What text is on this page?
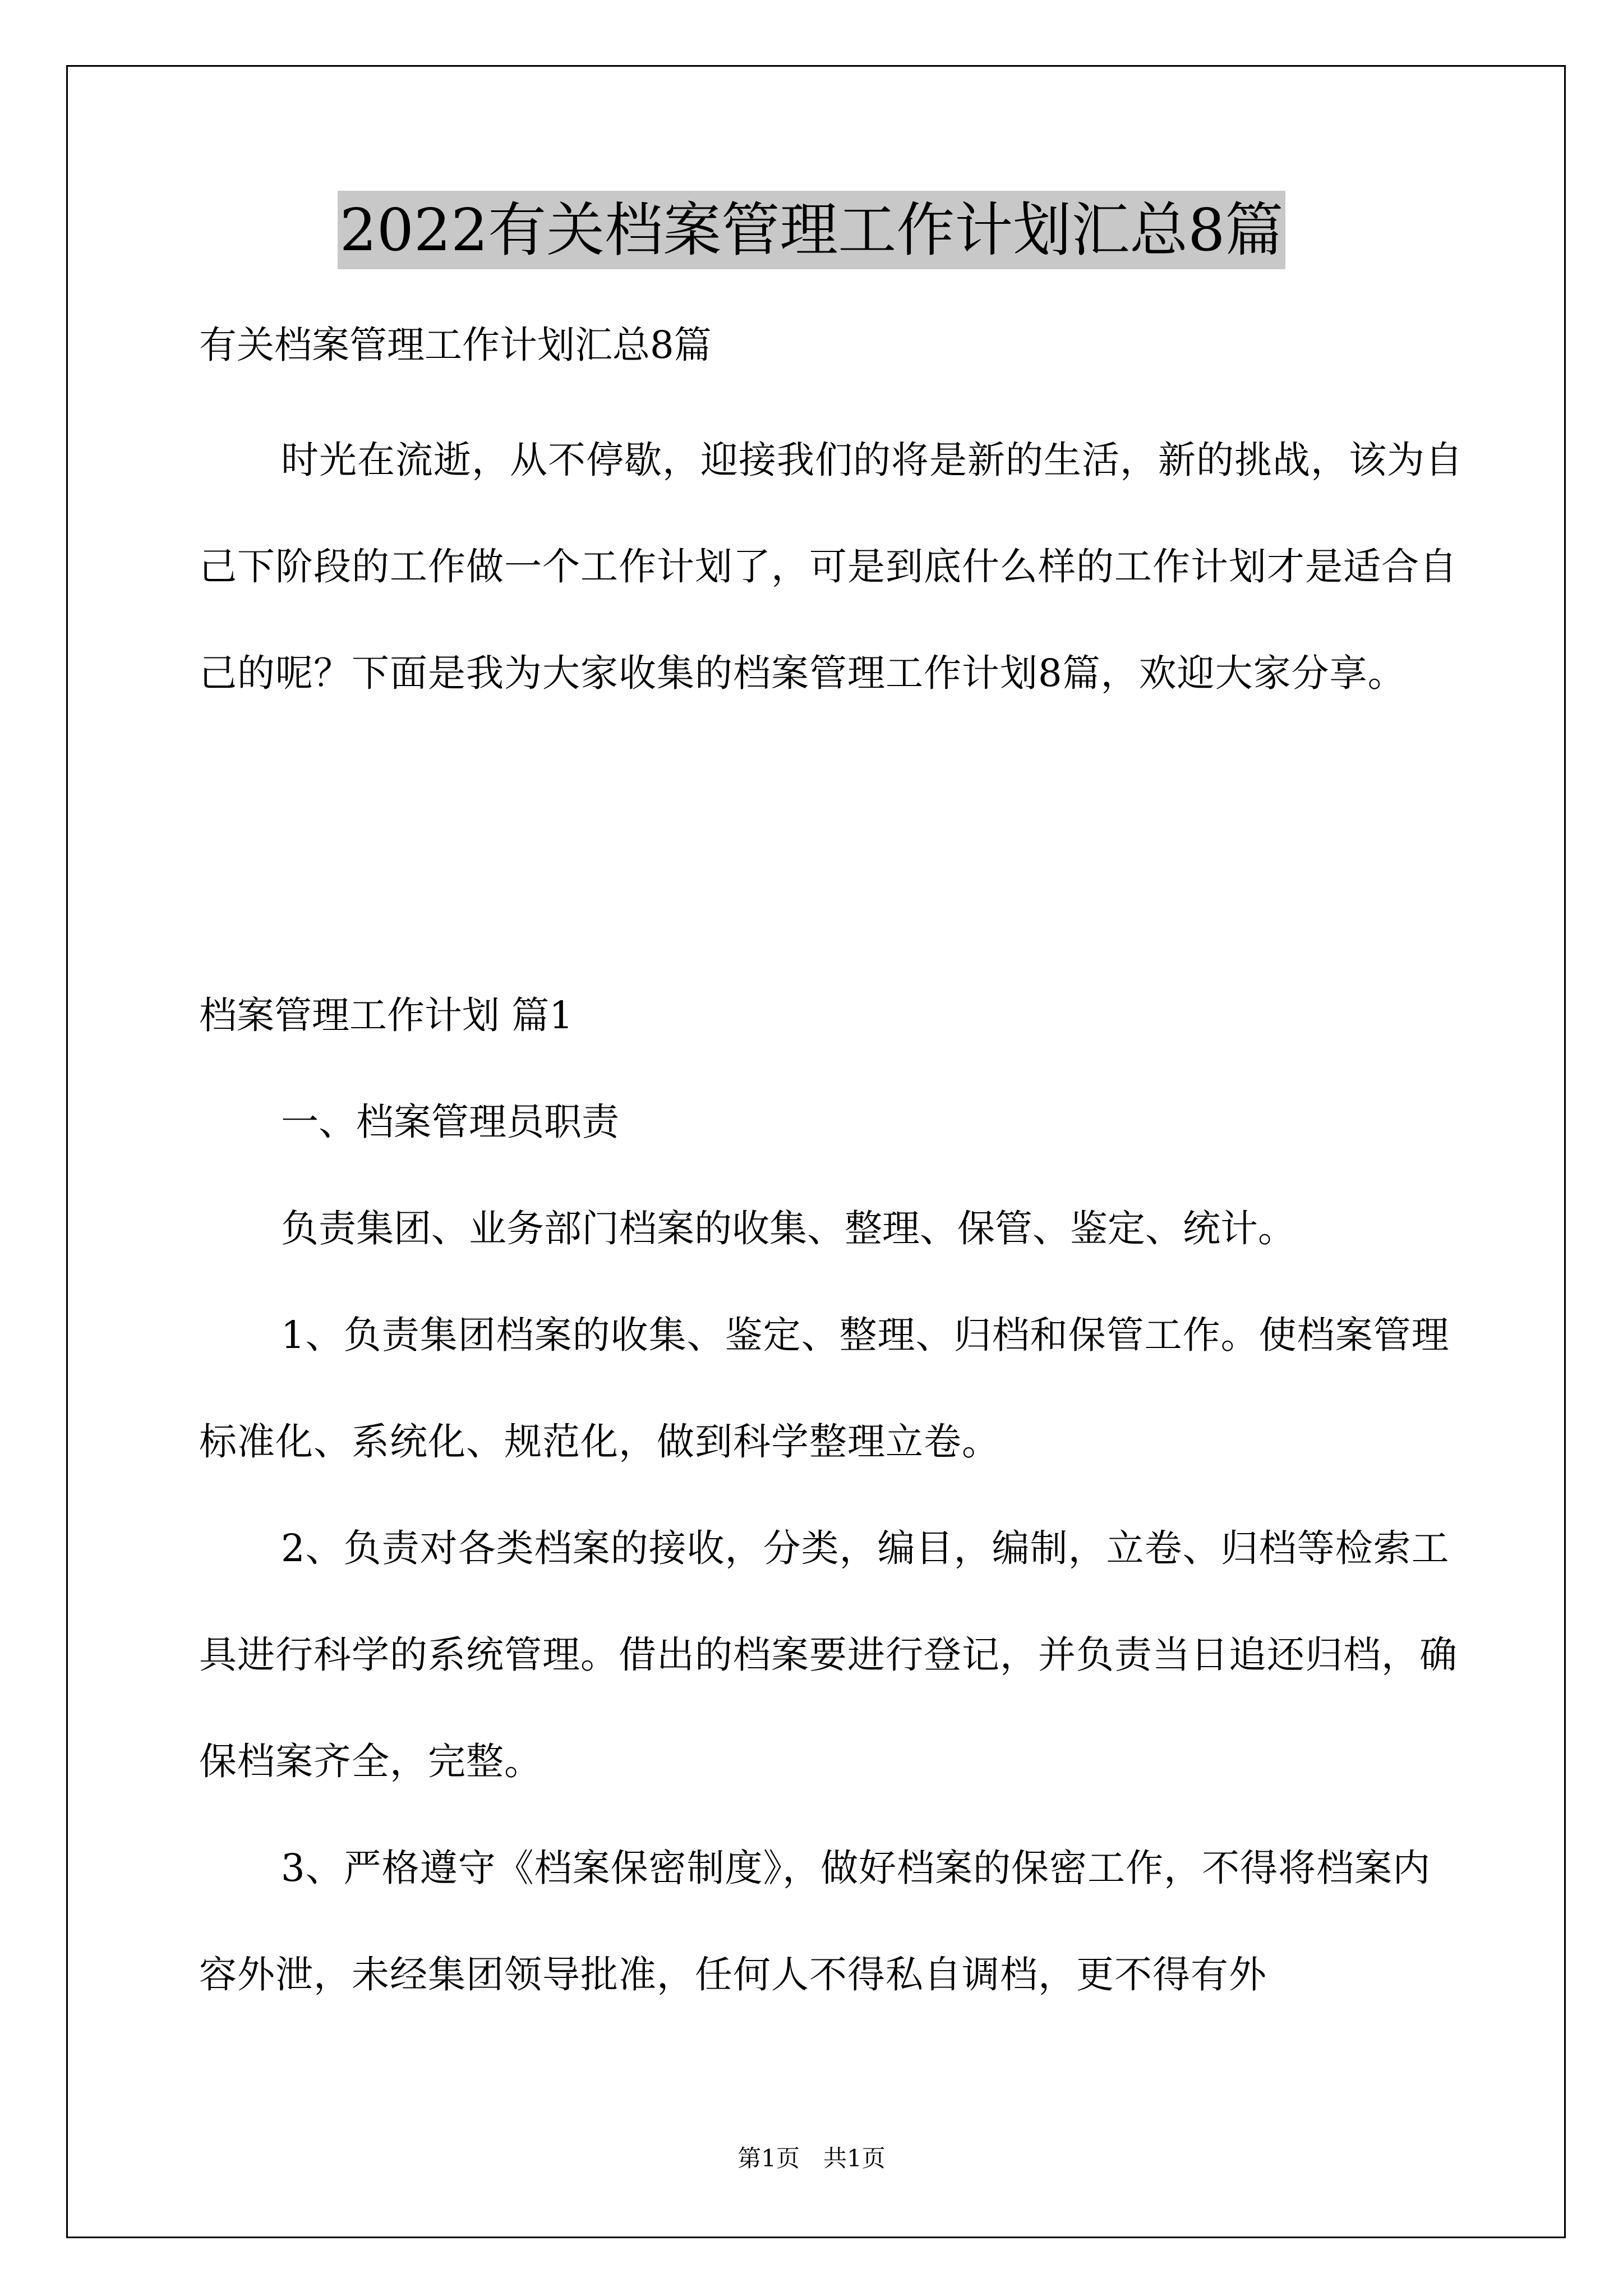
2022有关档案管理工作计划汇总8篇

有关档案管理工作计划汇总8篇

时光在流逝，从不停歇，迎接我们的将是新的生活，新的挑战，该为自己下阶段的工作做一个工作计划了，可是到底什么样的工作计划才是适合自己的呢？下面是我为大家收集的档案管理工作计划8篇，欢迎大家分享。

档案管理工作计划 篇1

一、档案管理员职责

负责集团、业务部门档案的收集、整理、保管、鉴定、统计。

1、负责集团档案的收集、鉴定、整理、归档和保管工作。使档案管理标准化、系统化、规范化，做到科学整理立卷。

2、负责对各类档案的接收，分类，编目，编制，立卷、归档等检索工具进行科学的系统管理。借出的档案要进行登记，并负责当日追还归档，确保档案齐全，完整。

3、严格遵守《档案保密制度》，做好档案的保密工作，不得将档案内容外泄，未经集团领导批准，任何人不得私自调档，更不得有外

第1页　共1页
